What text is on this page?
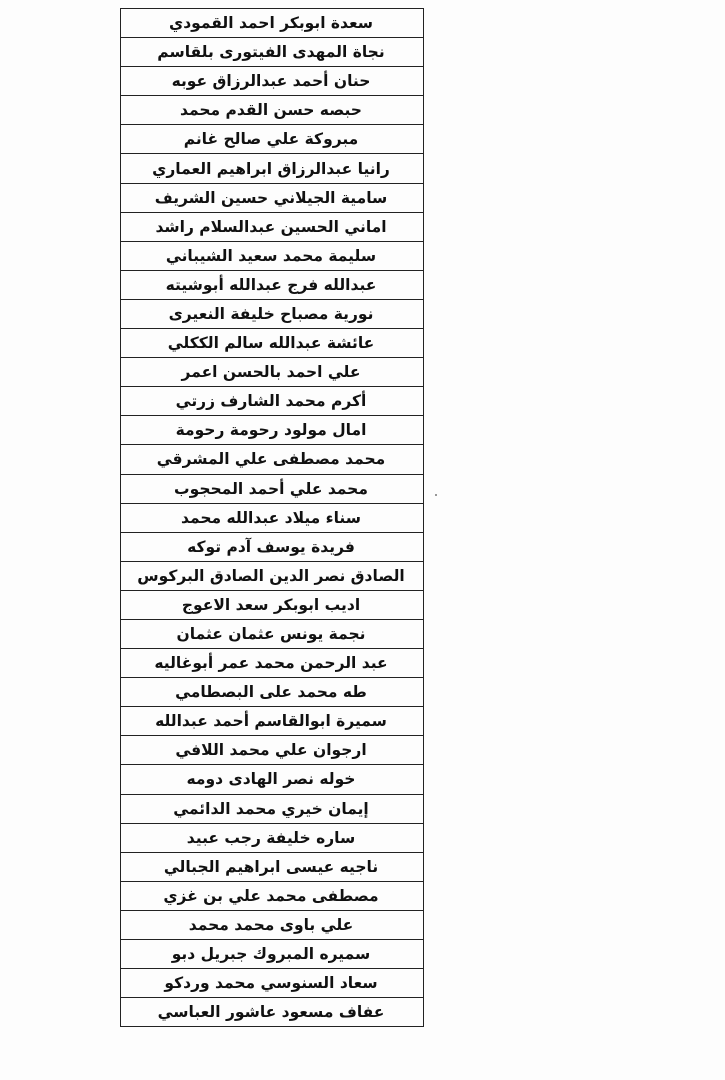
سعدة ابوبكر احمد القمودي
نجاة المهدى الفيتورى بلقاسم
حنان أحمد عبدالرزاق عوبه
حبصه حسن القدم محمد
مبروكة علي صالح غانم
رانيا عبدالرزاق ابراهيم العماري
سامية الجيلاني حسين الشريف
اماني الحسين عبدالسلام راشد
سليمة محمد سعيد الشيباني
عبدالله فرج عبدالله أبوشيته
نورية مصباح خليفة النعيرى
عائشة عبدالله سالم الككلي
علي احمد بالحسن اعمر
أكرم محمد الشارف زرتي
امال مولود رحومة رحومة
محمد مصطفى علي المشرقي
محمد علي أحمد المحجوب
سناء ميلاد عبدالله محمد
فريدة يوسف آدم توكه
الصادق نصر الدين الصادق البركوس
اديب ابوبكر سعد الاعوج
نجمة يونس عثمان عثمان
عبد الرحمن محمد عمر أبوغاليه
طه محمد على البصطامي
سميرة ابوالقاسم أحمد عبدالله
ارجوان علي محمد اللافي
خوله نصر الهادى دومه
إيمان خيري محمد الدائمي
ساره خليفة رجب عبيد
ناجيه عيسى ابراهيم الجبالي
مصطفى محمد علي بن غزي
علي باوى محمد محمد
سميره المبروك جبريل دبو
سعاد السنوسي محمد وردكو
عفاف مسعود عاشور العباسي
